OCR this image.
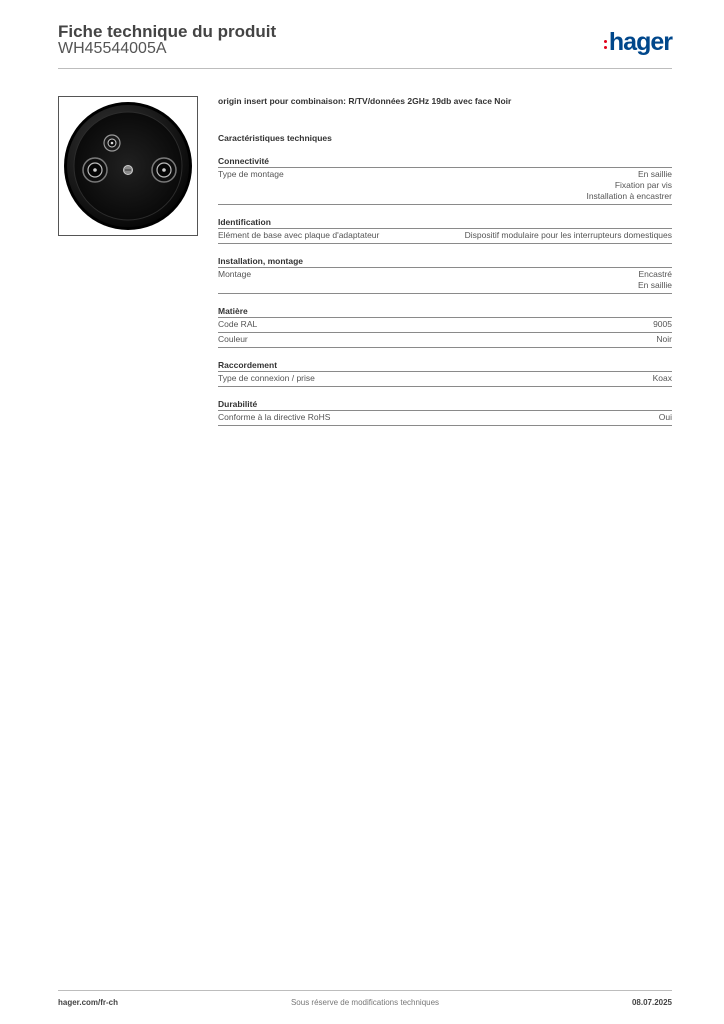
Fiche technique du produit
WH45544005A	hager

origin insert pour combinaison: R/TV/données 2GHz 19db avec face Noir

Caractéristiques techniques

Connectivité
Type de montage	En saillie
Fixation par vis
Installation à encastrer
Identification
Elément de base avec plaque d'adaptateur	Dispositif modulaire pour les interrupteurs domestiques
Installation, montage
Montage	Encastré
En saillie
Matière
Code RAL	9005
Couleur	Noir
Raccordement
Type de connexion / prise	Koax
Durabilité
Conforme à la directive RoHS	Oui
hager.com/fr-ch	Sous réserve de modifications techniques	08.07.2025
